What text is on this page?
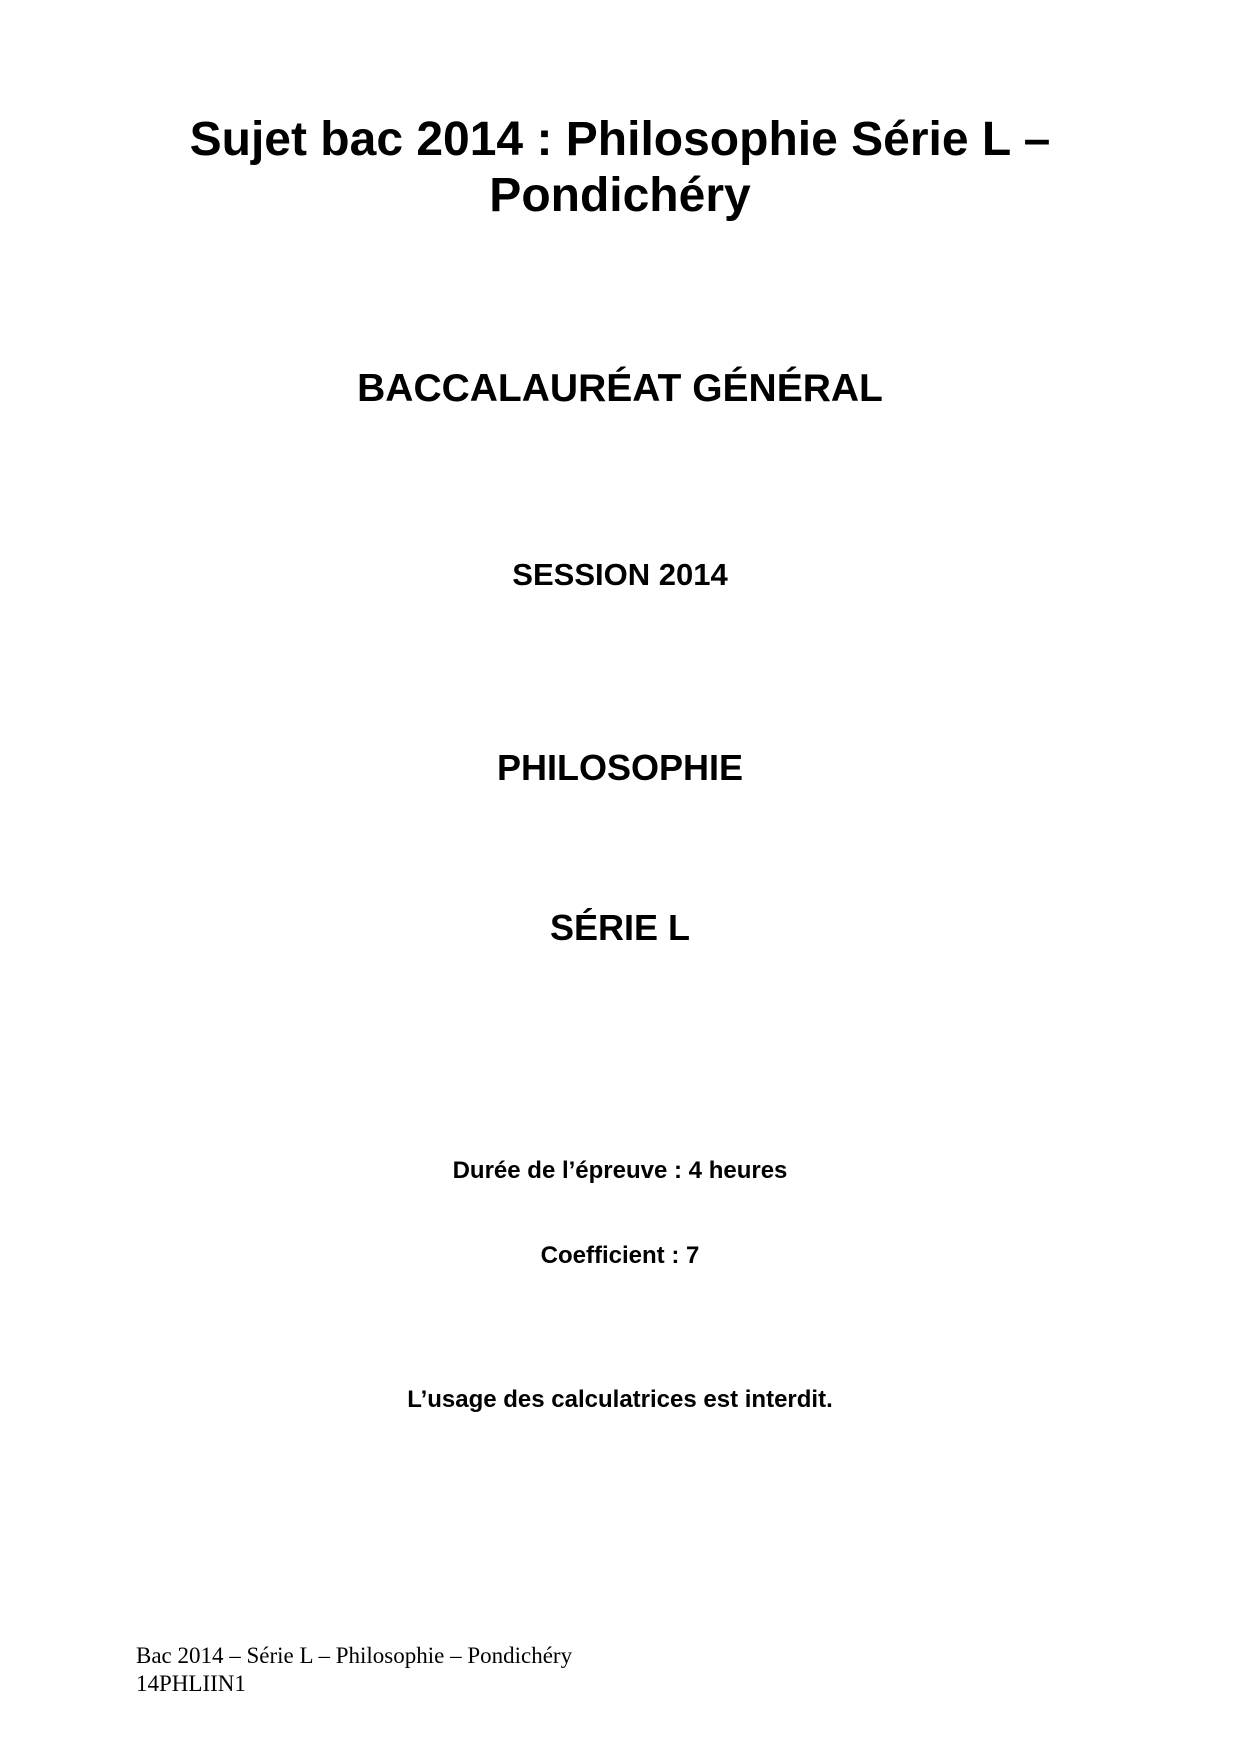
Sujet bac 2014 : Philosophie Série L –
Pondichéry
BACCALAURÉAT GÉNÉRAL
SESSION 2014
PHILOSOPHIE
SÉRIE L
Durée de l’épreuve : 4 heures
Coefficient : 7
L’usage des calculatrices est interdit.
Bac 2014 – Série L – Philosophie – Pondichéry
14PHLIIN1
